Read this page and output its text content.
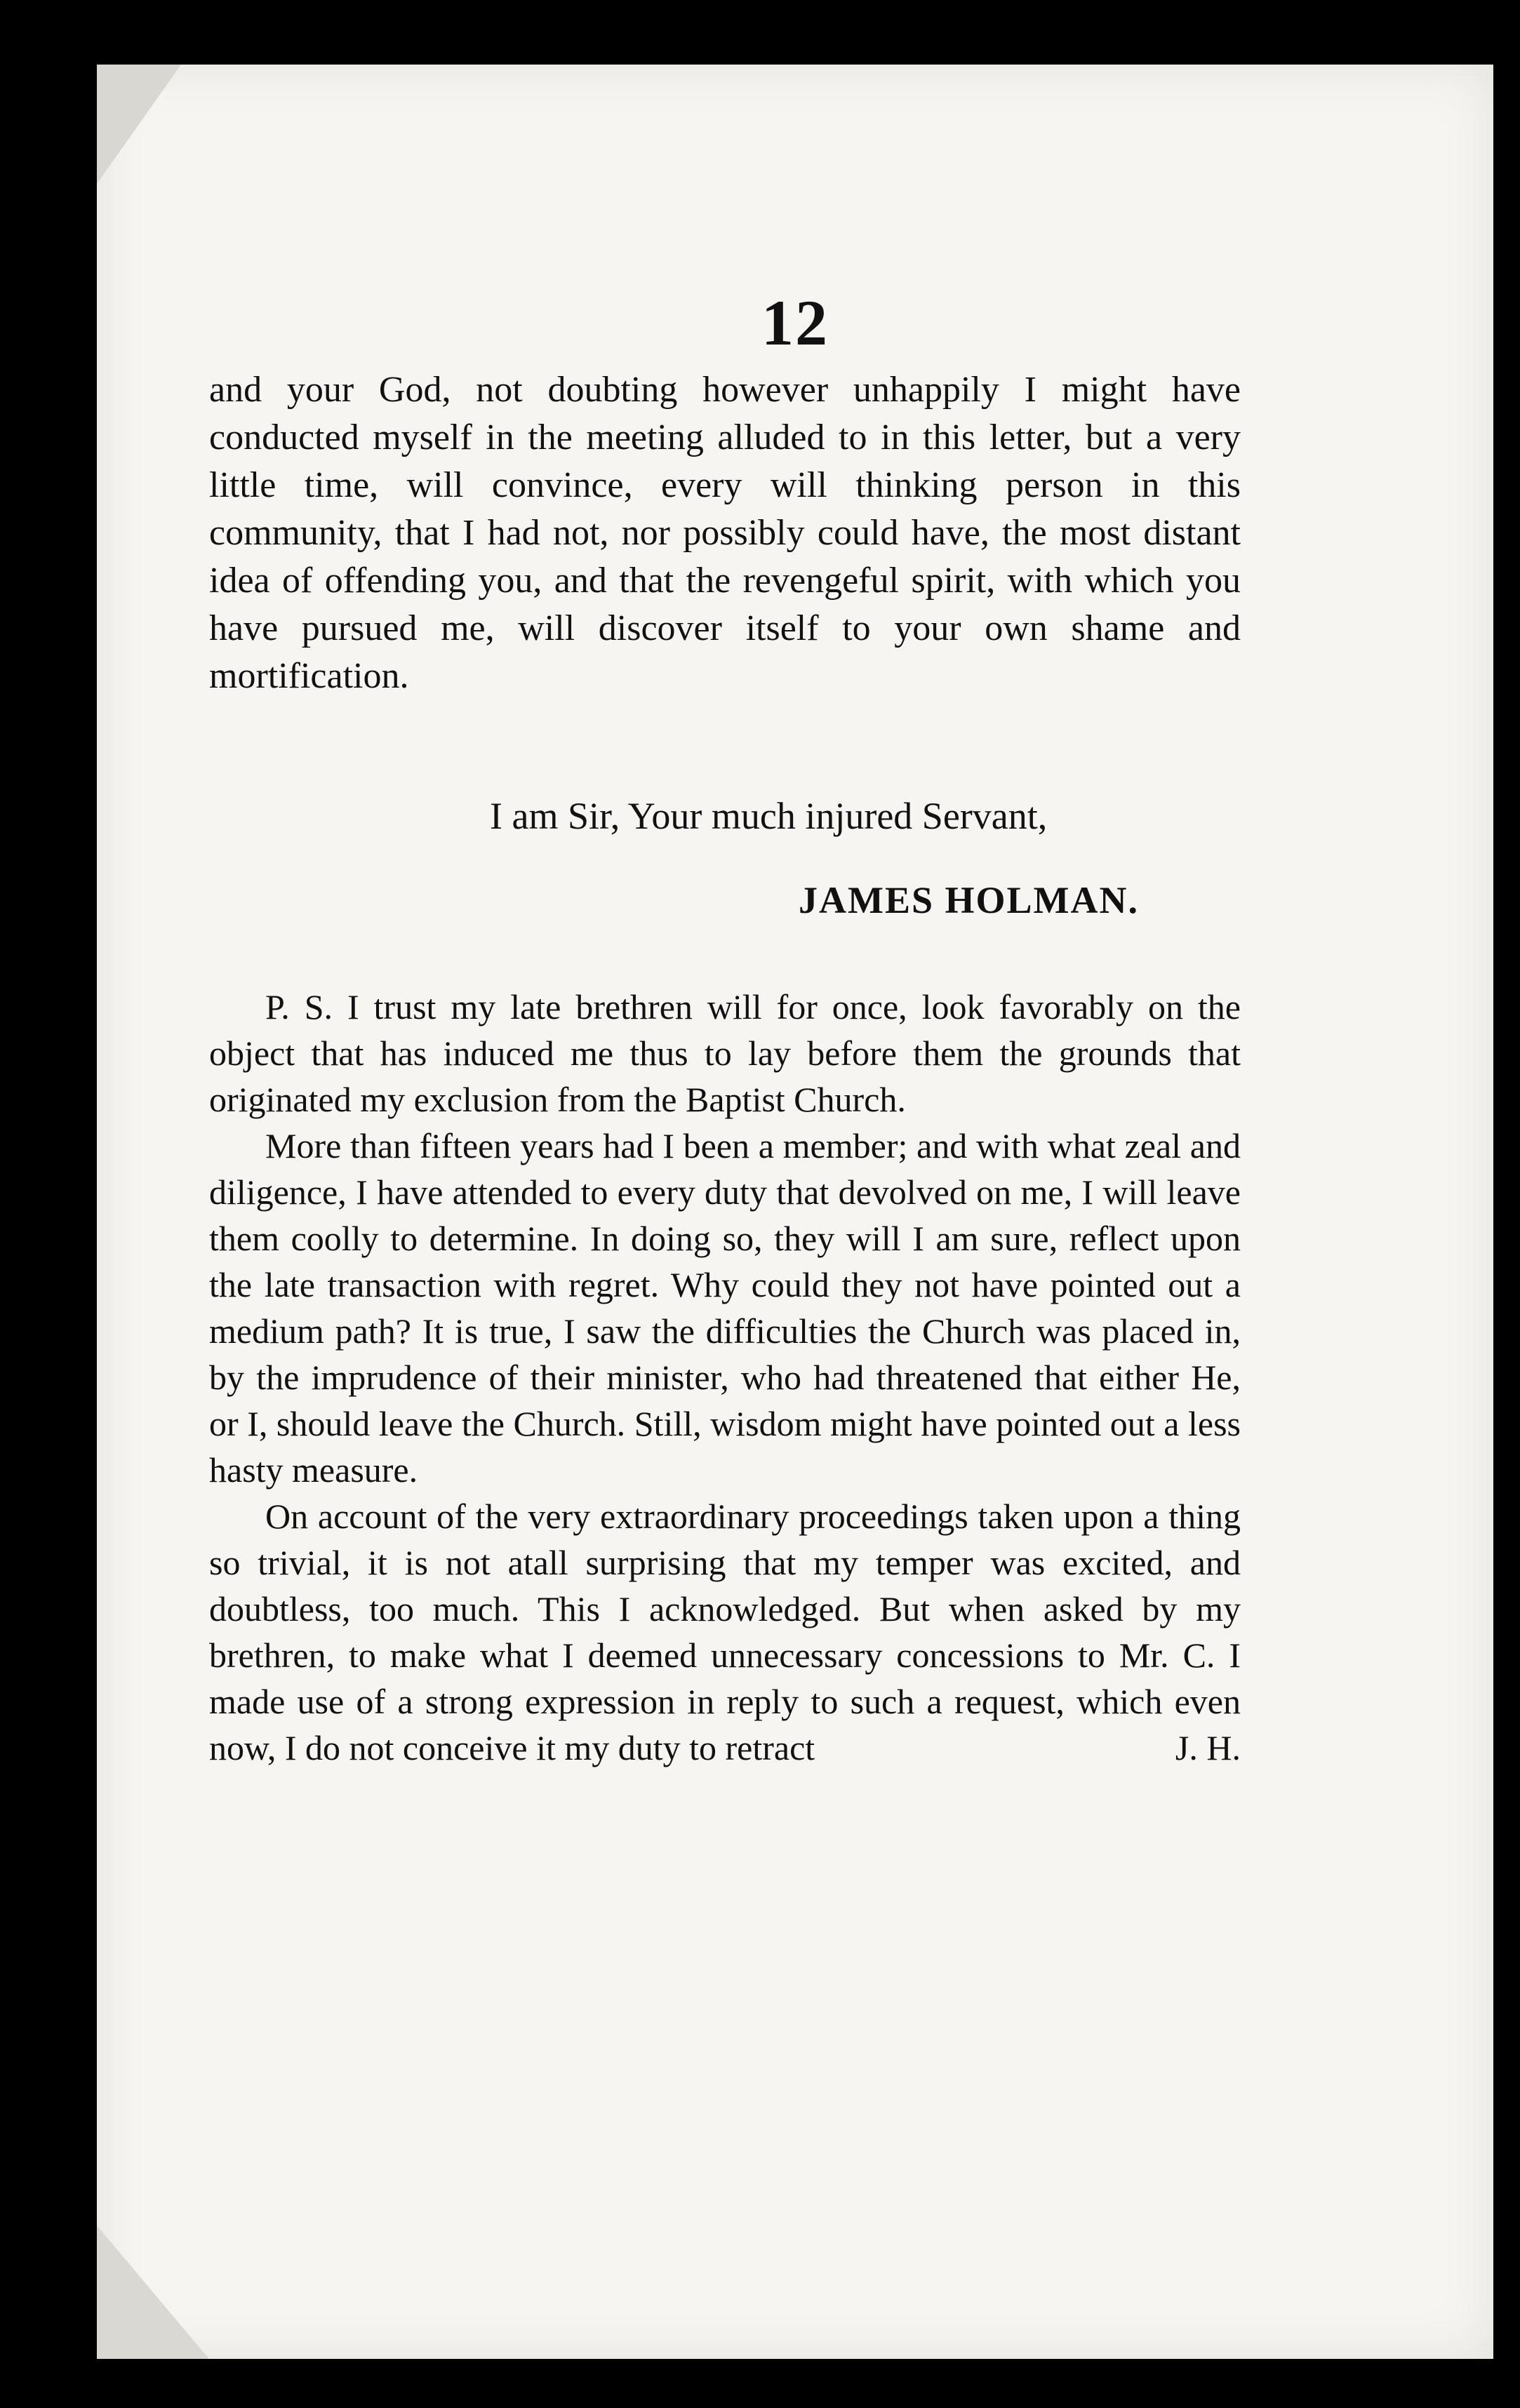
12

and your God, not doubting however unhappily I might have conducted myself in the meeting alluded to in this letter, but a very little time, will convince, every will thinking person in this community, that I had not, nor possibly could have, the most distant idea of offending you, and that the revengeful spirit, with which you have pursued me, will discover itself to your own shame and mortification.

I am Sir, Your much injured Servant,
JAMES HOLMAN.

P. S. I trust my late brethren will for once, look favorably on the object that has induced me thus to lay before them the grounds that originated my exclusion from the Baptist Church.

More than fifteen years had I been a member; and with what zeal and diligence, I have attended to every duty that devolved on me, I will leave them coolly to determine. In doing so, they will I am sure, reflect upon the late transaction with regret. Why could they not have pointed out a medium path? It is true, I saw the difficulties the Church was placed in, by the imprudence of their minister, who had threatened that either He, or I, should leave the Church. Still, wisdom might have pointed out a less hasty measure.

On account of the very extraordinary proceedings taken upon a thing so trivial, it is not atall surprising that my temper was excited, and doubtless, too much. This I acknowledged. But when asked by my brethren, to make what I deemed unnecessary concessions to Mr. C. I made use of a strong expression in reply to such a request, which even now, I do not conceive it my duty to retract	J. H.
